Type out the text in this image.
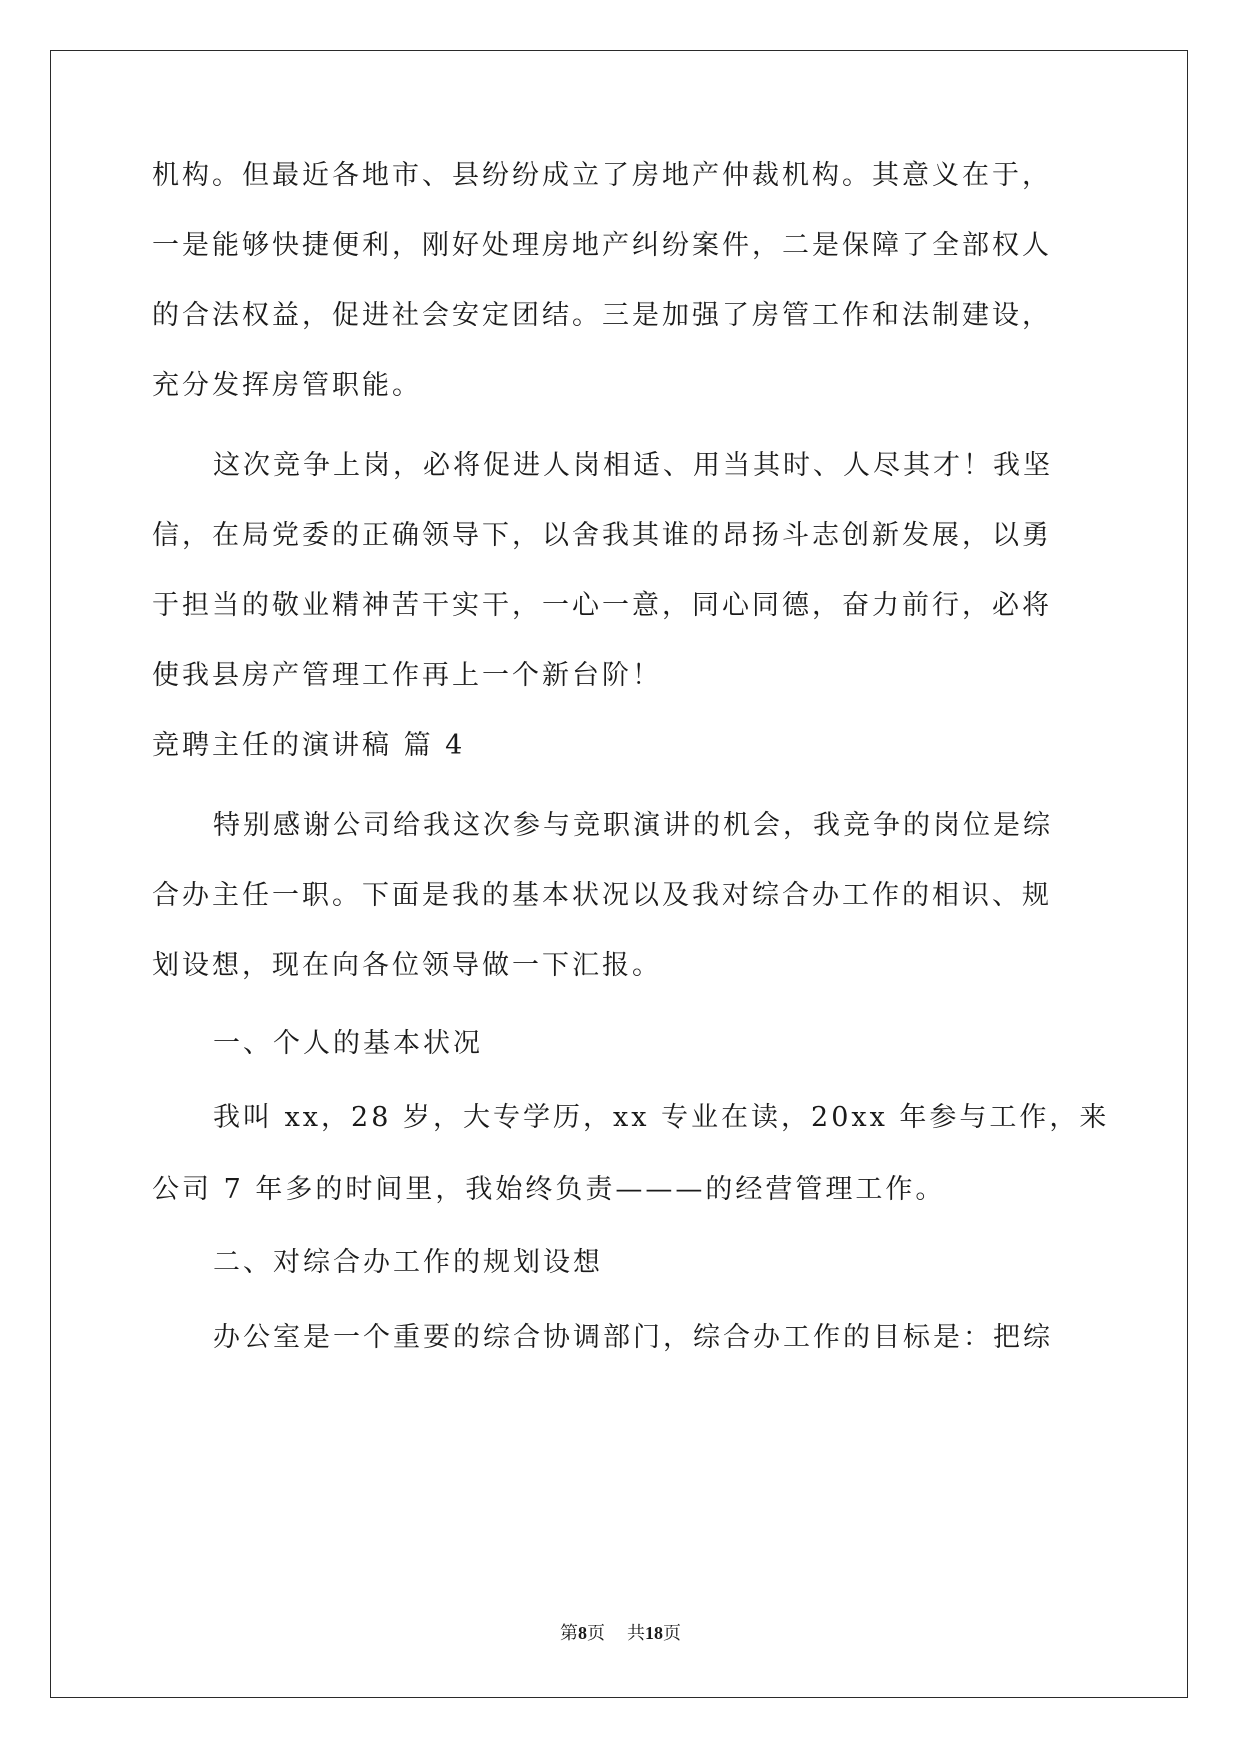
机构。但最近各地市、县纷纷成立了房地产仲裁机构。其意义在于，
一是能够快捷便利，刚好处理房地产纠纷案件，二是保障了全部权人
的合法权益，促进社会安定团结。三是加强了房管工作和法制建设，
充分发挥房管职能。
这次竞争上岗，必将促进人岗相适、用当其时、人尽其才！我坚
信，在局党委的正确领导下，以舍我其谁的昂扬斗志创新发展，以勇
于担当的敬业精神苦干实干，一心一意，同心同德，奋力前行，必将
使我县房产管理工作再上一个新台阶！
竞聘主任的演讲稿 篇 4
特别感谢公司给我这次参与竞职演讲的机会，我竞争的岗位是综
合办主任一职。下面是我的基本状况以及我对综合办工作的相识、规
划设想，现在向各位领导做一下汇报。
一、个人的基本状况
我叫 xx，28 岁，大专学历，xx 专业在读，20xx 年参与工作，来
公司 7 年多的时间里，我始终负责———的经营管理工作。
二、对综合办工作的规划设想
办公室是一个重要的综合协调部门，综合办工作的目标是：把综
第8页 共18页
